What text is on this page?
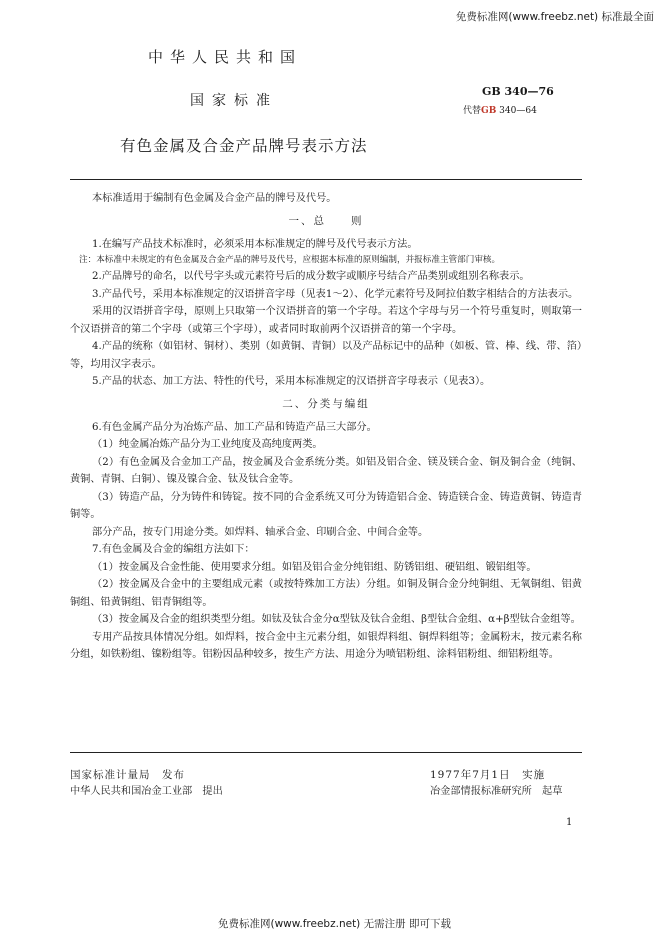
免费标准网(www.freebz.net) 标准最全面
中华人民共和国
国家标准
GB 340—76
代替GB 340—64
有色金属及合金产品牌号表示方法

本标准适用于编制有色金属及合金产品的牌号及代号。

一、总　　则

1.在编写产品技术标准时，必须采用本标准规定的牌号及代号表示方法。

注：本标准中未规定的有色金属及合金产品的牌号及代号，应根据本标准的原则编制，并报标准主管部门审核。

2.产品牌号的命名，以代号字头或元素符号后的成分数字或顺序号结合产品类别或组别名称表示。

3.产品代号，采用本标准规定的汉语拼音字母（见表1～2）、化学元素符号及阿拉伯数字相结合的方法表示。

采用的汉语拼音字母，原则上只取第一个汉语拼音的第一个字母。若这个字母与另一个符号重复时，则取第一个汉语拼音的第二个字母（或第三个字母），或者同时取前两个汉语拼音的第一个字母。

4.产品的统称（如铝材、铜材）、类别（如黄铜、青铜）以及产品标记中的品种（如板、管、棒、线、带、箔）等，均用汉字表示。

5.产品的状态、加工方法、特性的代号，采用本标准规定的汉语拼音字母表示（见表3）。

二、分类与编组

6.有色金属产品分为冶炼产品、加工产品和铸造产品三大部分。

（1）纯金属冶炼产品分为工业纯度及高纯度两类。

（2）有色金属及合金加工产品，按金属及合金系统分类。如铝及铝合金、镁及镁合金、铜及铜合金（纯铜、黄铜、青铜、白铜）、镍及镍合金、钛及钛合金等。

（3）铸造产品，分为铸件和铸锭。按不同的合金系统又可分为铸造铝合金、铸造镁合金、铸造黄铜、铸造青铜等。

部分产品，按专门用途分类。如焊料、轴承合金、印刷合金、中间合金等。

7.有色金属及合金的编组方法如下：

（1）按金属及合金性能、使用要求分组。如铝及铝合金分纯铝组、防锈铝组、硬铝组、锻铝组等。

（2）按金属及合金中的主要组成元素（或按特殊加工方法）分组。如铜及铜合金分纯铜组、无氧铜组、铝黄铜组、铅黄铜组、铝青铜组等。

（3）按金属及合金的组织类型分组。如钛及钛合金分α型钛及钛合金组、β型钛合金组、α+β型钛合金组等。

专用产品按具体情况分组。如焊料，按合金中主元素分组，如银焊料组、铜焊料组等；金属粉末，按元素名称分组，如铁粉组、镍粉组等。铝粉因品种较多，按生产方法、用途分为喷铝粉组、涂料铝粉组、细铝粉组等。

国家标准计量局　发布
中华人民共和国冶金工业部　提出
1977年7月1日　实施
冶金部情报标准研究所　起草
1
免费标准网(www.freebz.net) 无需注册 即可下载
